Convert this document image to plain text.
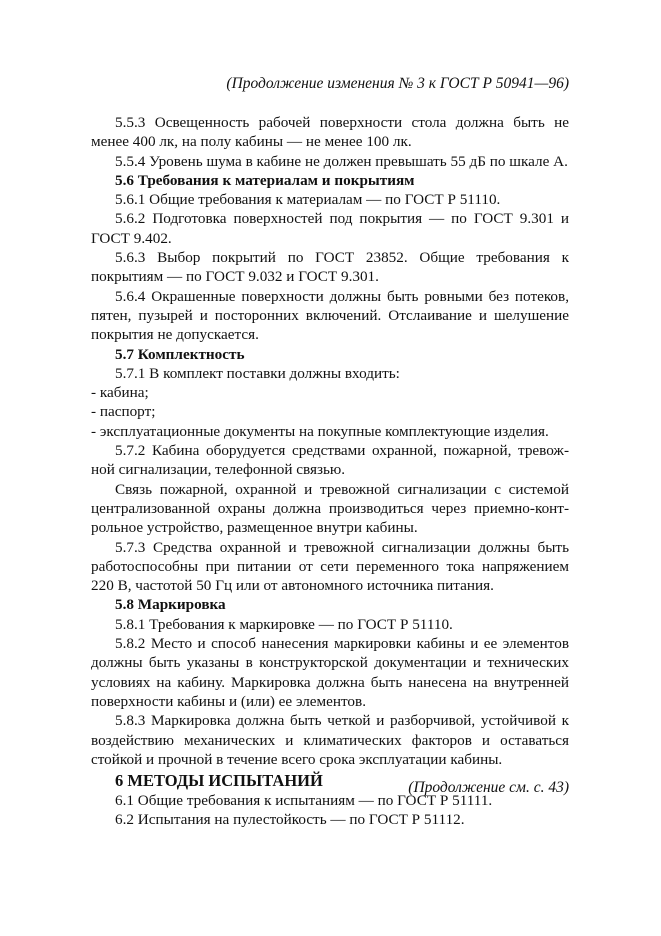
(Продолжение изменения № 3 к ГОСТ Р 50941—96)

5.5.3 Освещенность рабочей поверхности стола должна быть не менее 400 лк, на полу кабины — не менее 100 лк.

5.5.4 Уровень шума в кабине не должен превышать 55 дБ по шкале А.

5.6 Требования к материалам и покрытиям

5.6.1 Общие требования к материалам — по ГОСТ Р 51110.

5.6.2 Подготовка поверхностей под покрытия — по ГОСТ 9.301 и ГОСТ 9.402.

5.6.3 Выбор покрытий по ГОСТ 23852. Общие требования к покрытиям — по ГОСТ 9.032 и ГОСТ 9.301.

5.6.4 Окрашенные поверхности должны быть ровными без потеков, пятен, пузырей и посторонних включений. Отслаивание и шелушение покрытия не допускается.

5.7 Комплектность

5.7.1 В комплект поставки должны входить:

- кабина;

- паспорт;

- эксплуатационные документы на покупные комплектующие изделия.

5.7.2 Кабина оборудуется средствами охранной, пожарной, тревожной сигнализации, телефонной связью.

Связь пожарной, охранной и тревожной сигнализации с системой централизованной охраны должна производиться через приемно-контрольное устройство, размещенное внутри кабины.

5.7.3 Средства охранной и тревожной сигнализации должны быть работоспособны при питании от сети переменного тока напряжением 220 В, частотой 50 Гц или от автономного источника питания.

5.8 Маркировка

5.8.1 Требования к маркировке — по ГОСТ Р 51110.

5.8.2 Место и способ нанесения маркировки кабины и ее элементов должны быть указаны в конструкторской документации и технических условиях на кабину. Маркировка должна быть нанесена на внутренней поверхности кабины и (или) ее элементов.

5.8.3 Маркировка должна быть четкой и разборчивой, устойчивой к воздействию механических и климатических факторов и оставаться стойкой и прочной в течение всего срока эксплуатации кабины.

6 МЕТОДЫ ИСПЫТАНИЙ

6.1 Общие требования к испытаниям — по ГОСТ Р 51111.

6.2 Испытания на пулестойкость — по ГОСТ Р 51112.

(Продолжение см. с. 43)
